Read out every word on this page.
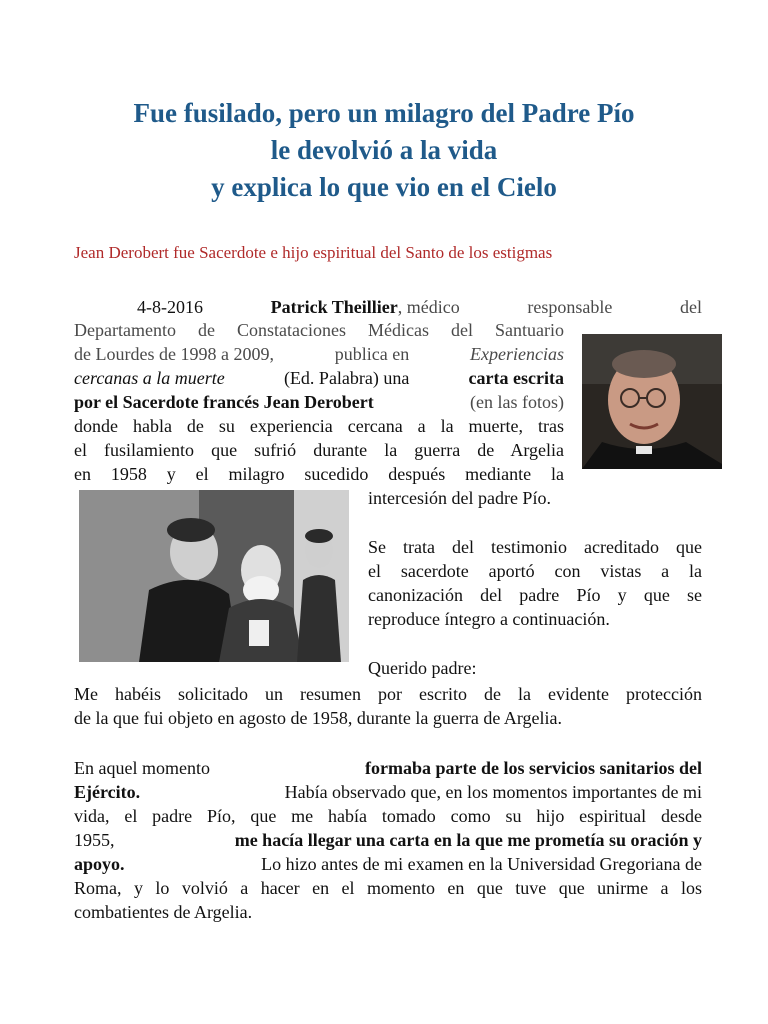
Fue fusilado, pero un milagro del Padre Pío
le devolvió a la vida
y explica lo que vio en el Cielo
Jean Derobert fue Sacerdote e hijo espiritual del Santo de los estigmas
4-8-2016	Patrick Theillier, médico	responsable	del
Departamento de Constataciones Médicas del Santuario
de Lourdes de 1998 a 2009,	publica en	Experiencias
cercanas a la muerte	(Ed. Palabra) una	carta escrita
por el Sacerdote francés Jean Derobert	(en las fotos)
donde habla de su experiencia cercana a la muerte, tras
el fusilamiento que sufrió durante la guerra de Argelia
en 1958 y el milagro sucedido después mediante la
intercesión del padre Pío.
Se trata del testimonio acreditado que
el sacerdote aportó con vistas a la
canonización del padre Pío y que se
reproduce íntegro a continuación.
Querido padre:
Me habéis solicitado un resumen por escrito de la evidente protección
de la que fui objeto en agosto de 1958, durante la guerra de Argelia.
En aquel momento	formaba parte de los servicios sanitarios del
Ejército.	Había observado que, en los momentos importantes de mi
vida, el padre Pío, que me había tomado como su hijo espiritual desde
1955,	me hacía llegar una carta en la que me prometía su oración y
apoyo.	Lo hizo antes de mi examen en la Universidad Gregoriana de
Roma, y lo volvió a hacer en el momento en que tuve que unirme a los
combatientes de Argelia.
